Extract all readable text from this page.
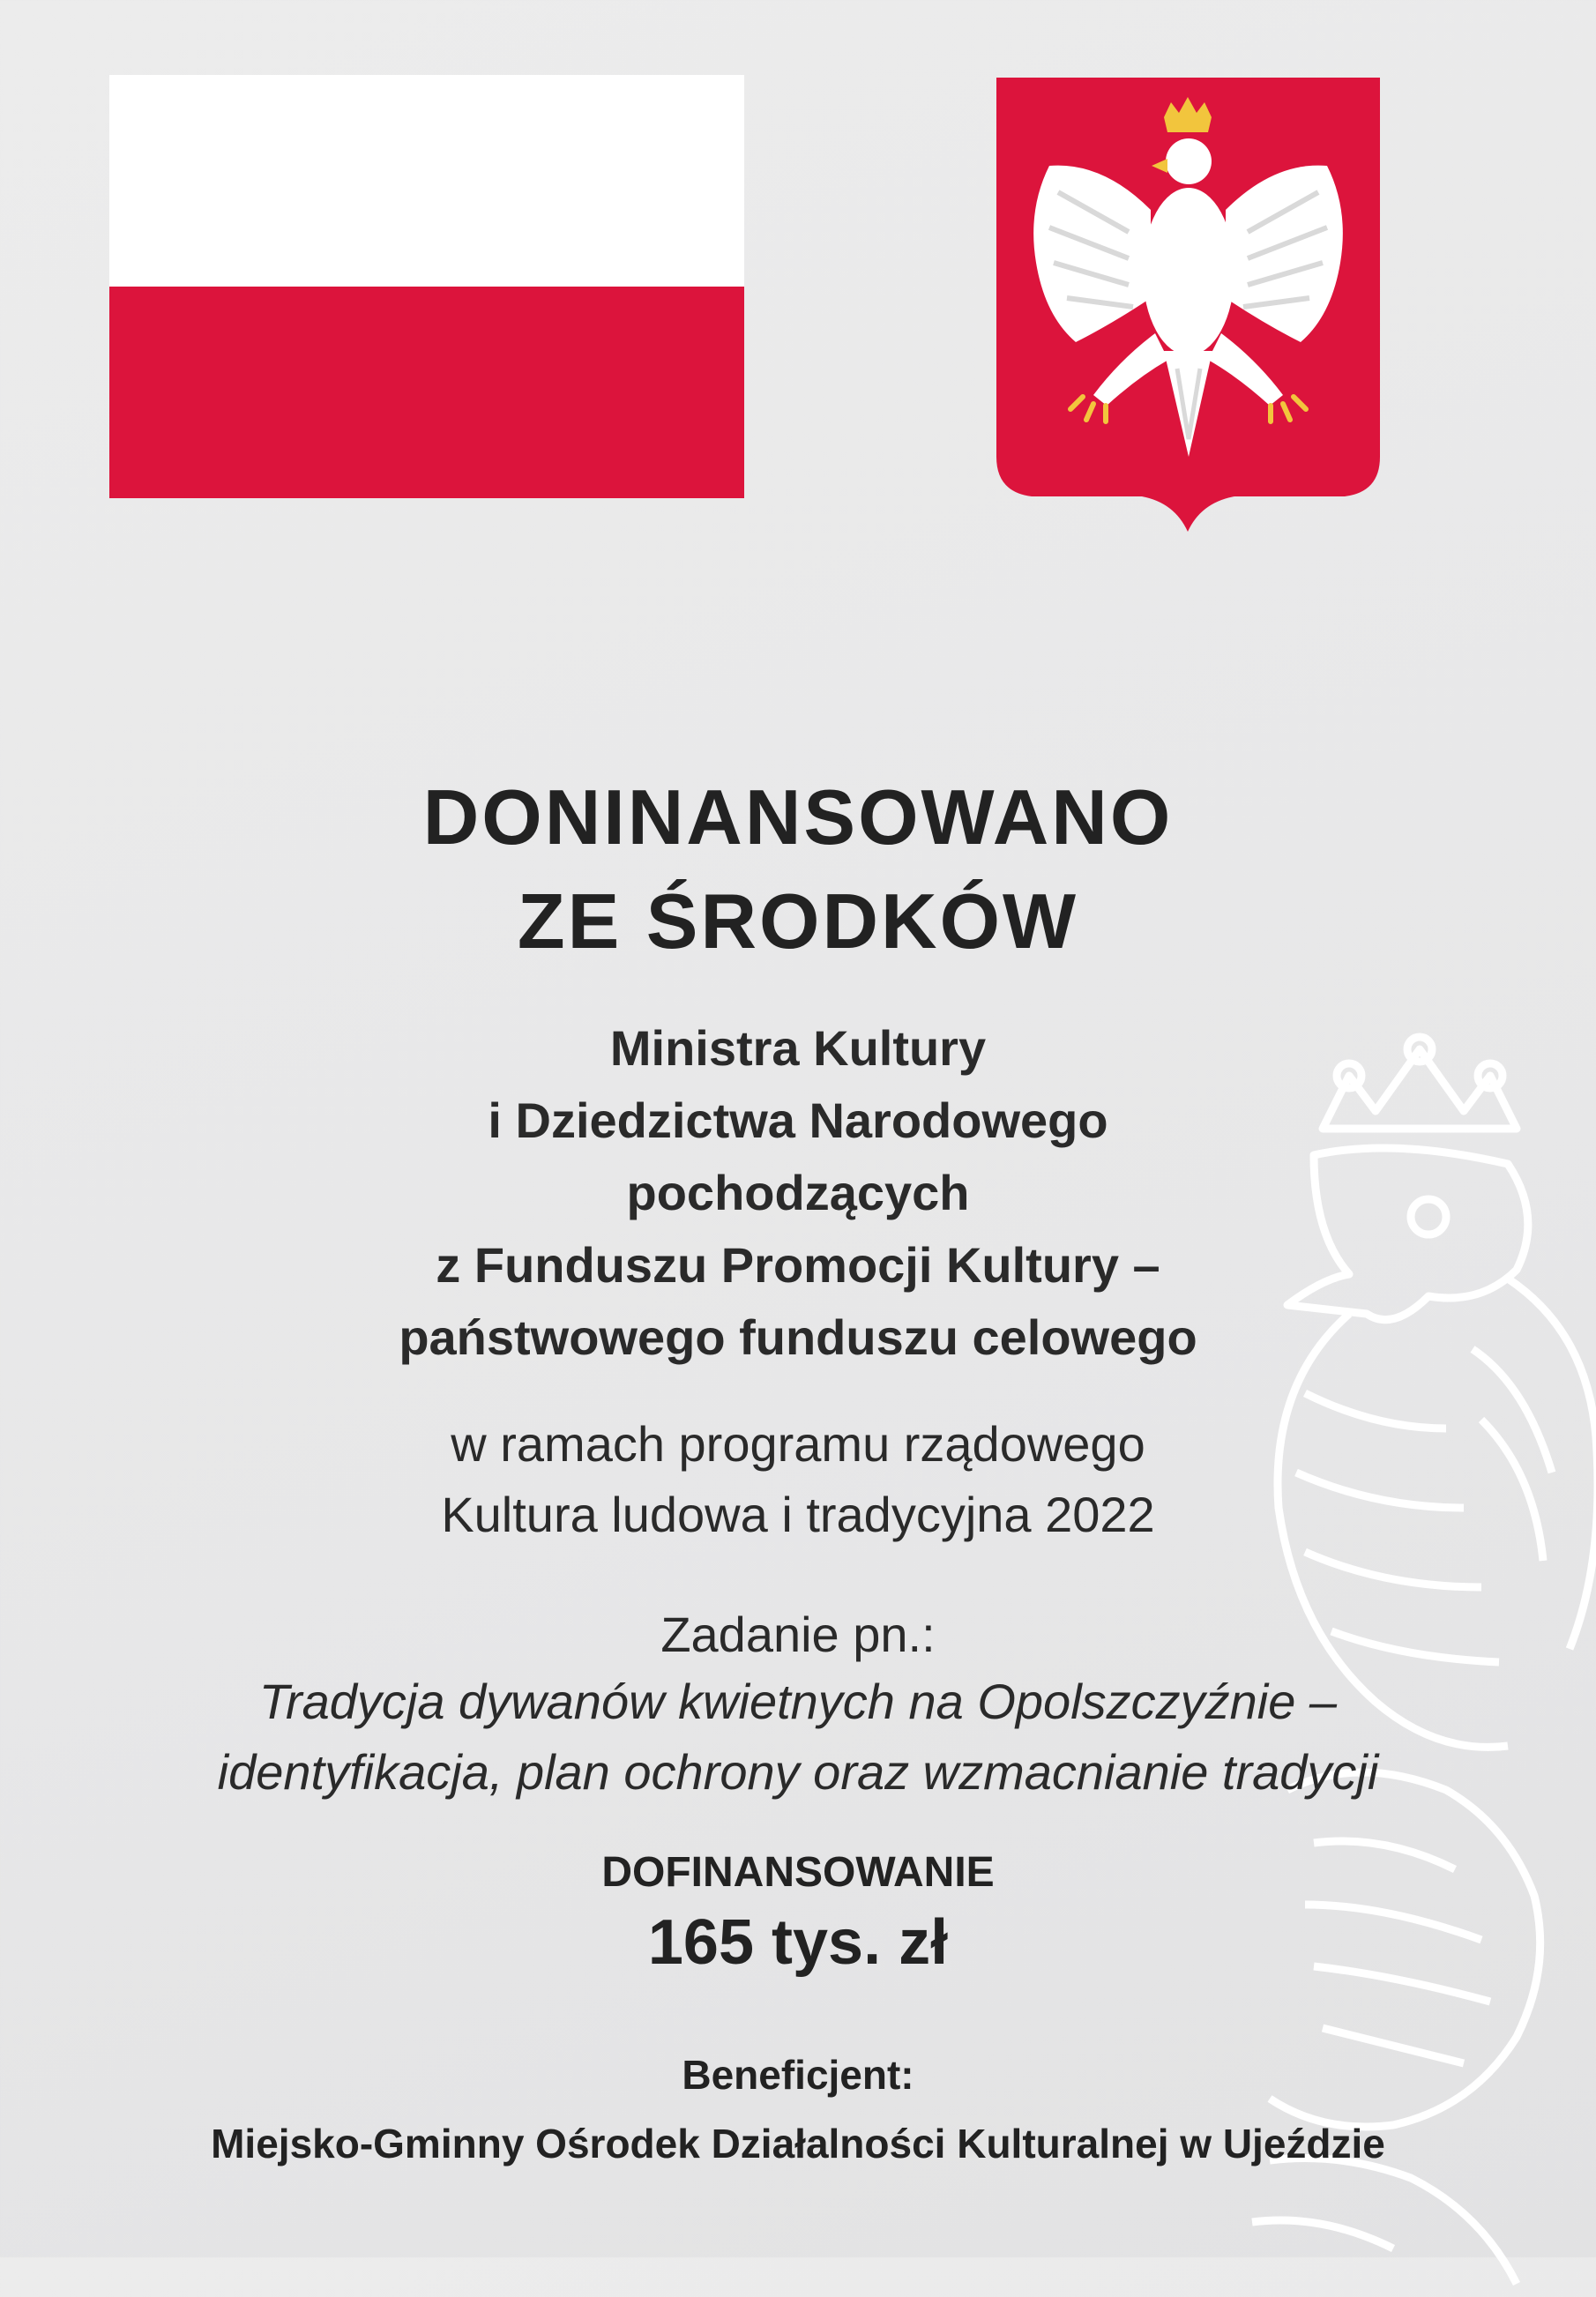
DONINANSOWANO
ZE ŚRODKÓW
Ministra Kultury
i Dziedzictwa Narodowego
pochodzących
z Funduszu Promocji Kultury –
państwowego funduszu celowego
w ramach programu rządowego
Kultura ludowa i tradycyjna 2022
Zadanie pn.:
Tradycja dywanów kwietnych na Opolszczyźnie –
identyfikacja, plan ochrony oraz wzmacnianie tradycji
DOFINANSOWANIE
165 tys. zł
Beneficjent:
Miejsko-Gminny Ośrodek Działalności Kulturalnej w Ujeździe
